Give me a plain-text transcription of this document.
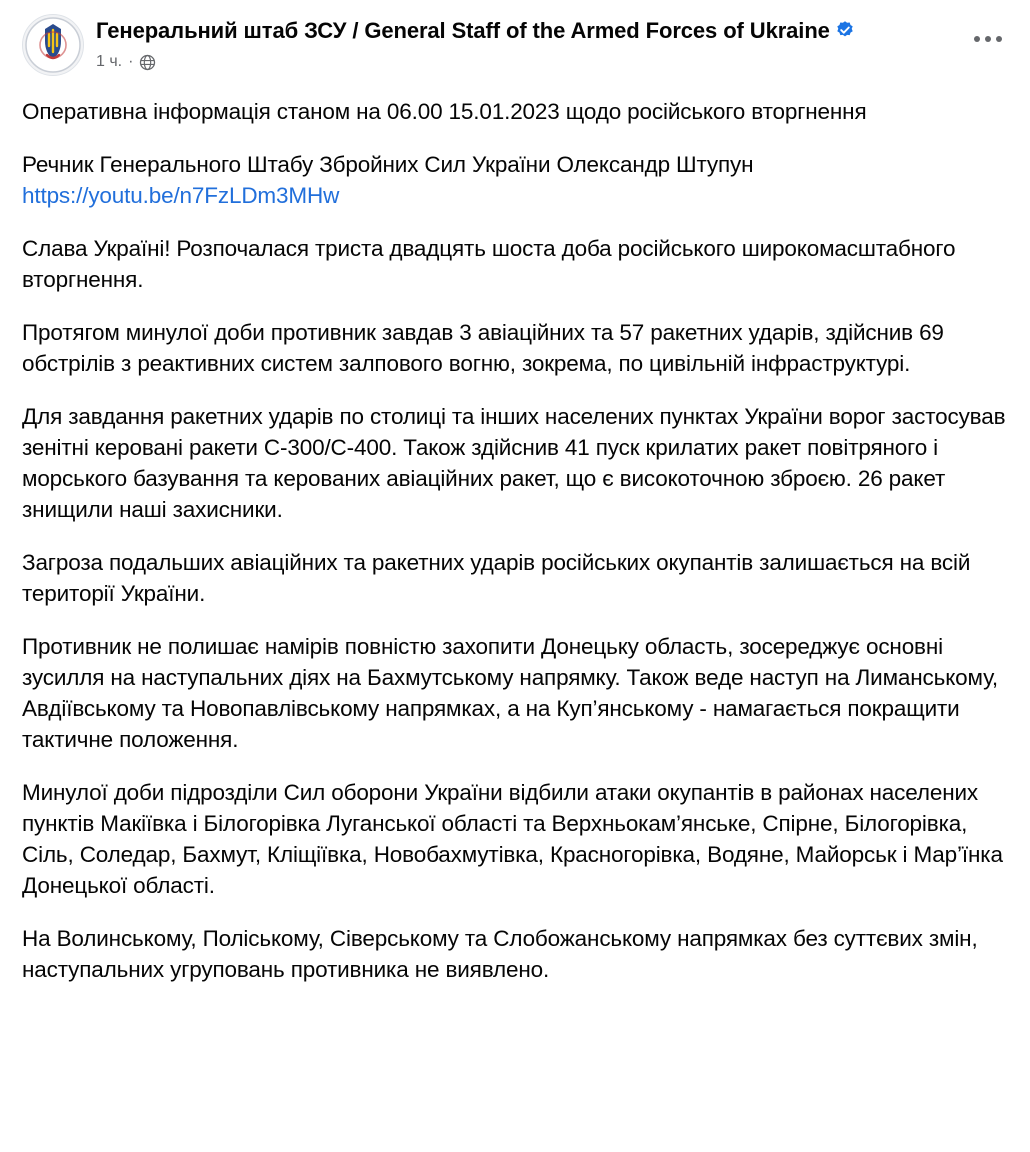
Генеральний штаб ЗСУ / General Staff of the Armed Forces of Ukraine
1 ч. ·

Оперативна інформація станом на 06.00 15.01.2023 щодо російського вторгнення

Речник Генерального Штабу Збройних Сил України Олександр Штупун
https://youtu.be/n7FzLDm3MHw

Слава Україні! Розпочалася триста двадцять шоста доба російського широкомасштабного вторгнення.

Протягом минулої доби противник завдав 3 авіаційних та 57 ракетних ударів, здійснив 69 обстрілів з реактивних систем залпового вогню, зокрема, по цивільній інфраструктурі.

Для завдання ракетних ударів по столиці та інших населених пунктах України ворог застосував зенітні керовані ракети С-300/С-400. Також здійснив 41 пуск крилатих ракет повітряного і морського базування та керованих авіаційних ракет, що є високоточною зброєю. 26 ракет знищили наші захисники.

Загроза подальших авіаційних та ракетних ударів російських окупантів залишається на всій території України.

Противник не полишає намірів повністю захопити Донецьку область, зосереджує основні зусилля на наступальних діях на Бахмутському напрямку. Також веде наступ на Лиманському, Авдіївському та Новопавлівському напрямках, а на Куп’янському - намагається покращити тактичне положення.

Минулої доби підрозділи Сил оборони України відбили атаки окупантів в районах населених пунктів Макіївка і Білогорівка Луганської області та Верхньокам’янське, Спірне, Білогорівка, Сіль, Соледар, Бахмут, Кліщіївка, Новобахмутівка, Красногорівка, Водяне, Майорськ і Мар’їнка Донецької області.

На Волинському, Поліському, Сіверському та Слобожанському напрямках без суттєвих змін, наступальних угруповань противника не виявлено.
